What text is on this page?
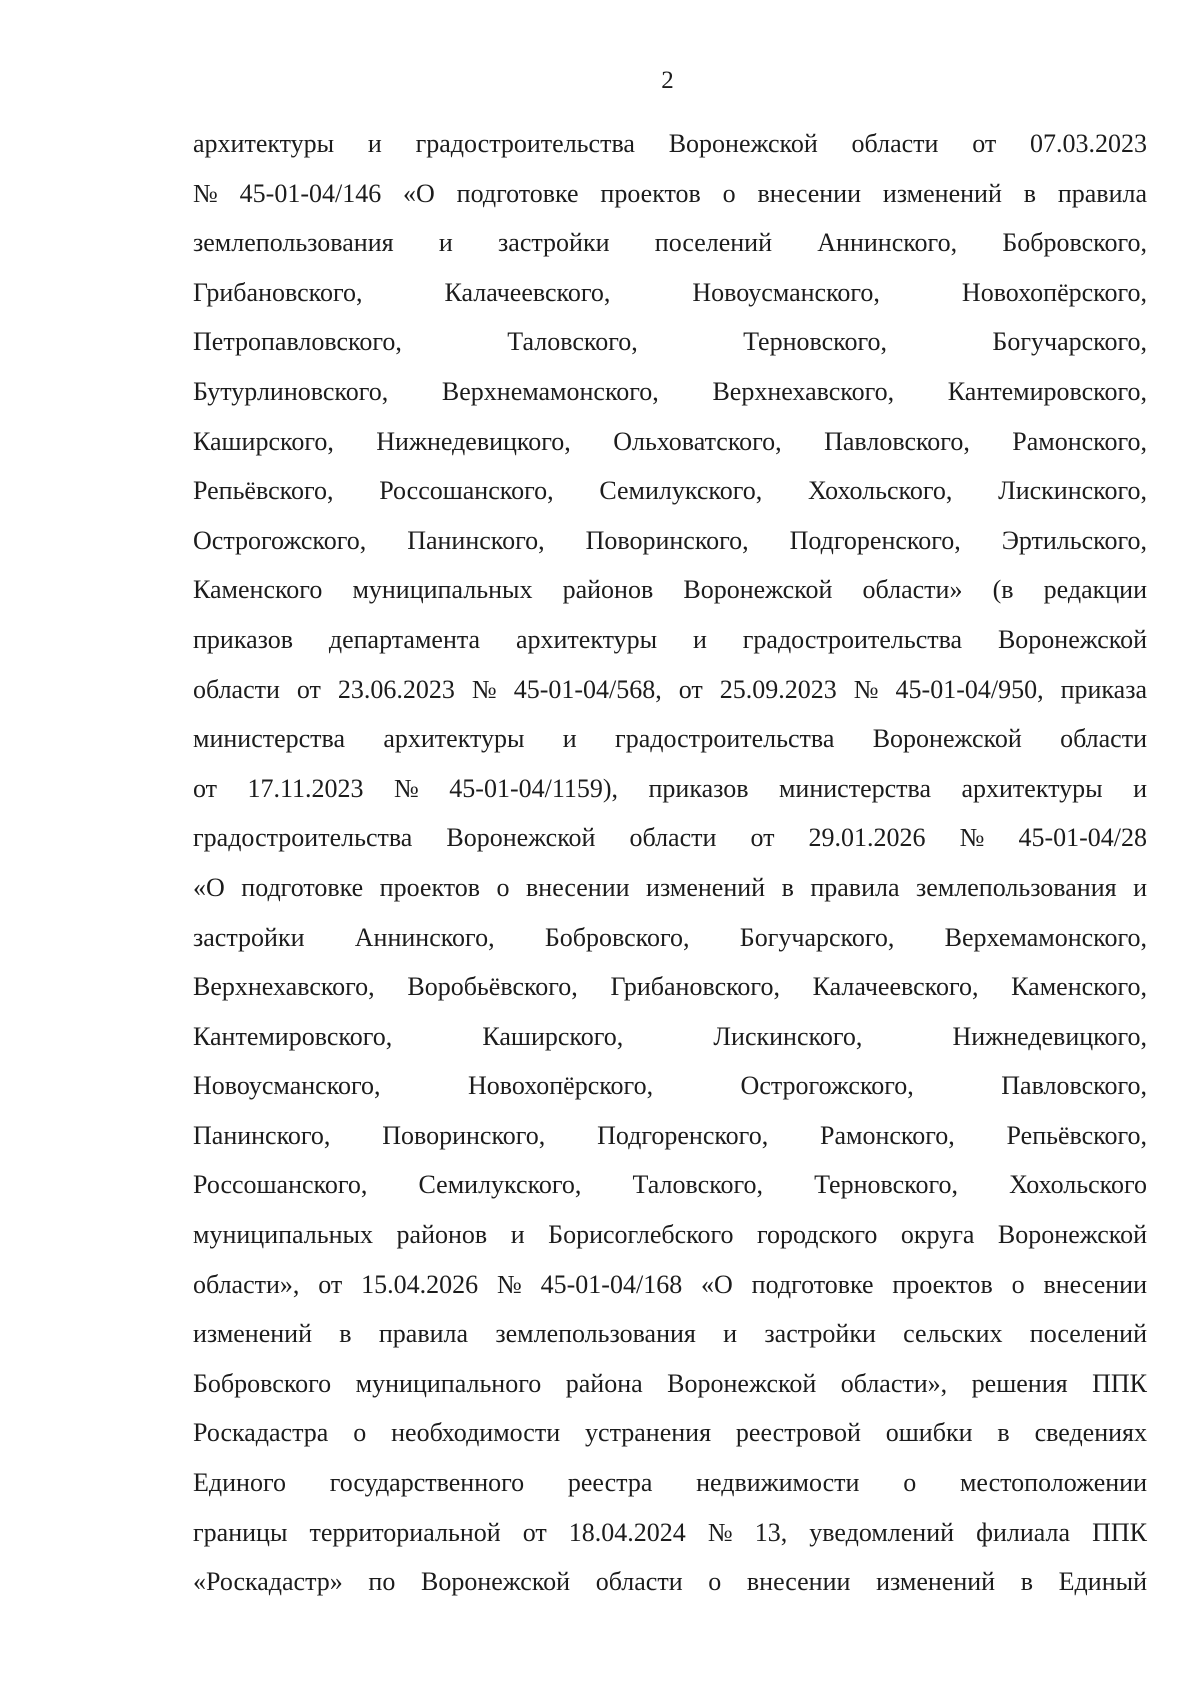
2
архитектуры и градостроительства Воронежской области от 07.03.2023
№ 45-01-04/146 «О подготовке проектов о внесении изменений в правила
землепользования и застройки поселений Аннинского, Бобровского,
Грибановского, Калачеевского, Новоусманского, Новохопёрского,
Петропавловского, Таловского, Терновского, Богучарского,
Бутурлиновского, Верхнемамонского, Верхнехавского, Кантемировского,
Каширского, Нижнедевицкого, Ольховатского, Павловского, Рамонского,
Репьёвского, Россошанского, Семилукского, Хохольского, Лискинского,
Острогожского, Панинского, Поворинского, Подгоренского, Эртильского,
Каменского муниципальных районов Воронежской области» (в редакции
приказов департамента архитектуры и градостроительства Воронежской
области от 23.06.2023 № 45-01-04/568, от 25.09.2023 № 45-01-04/950, приказа
министерства архитектуры и градостроительства Воронежской области
от 17.11.2023 № 45-01-04/1159), приказов министерства архитектуры и
градостроительства Воронежской области от 29.01.2026 № 45-01-04/28
«О подготовке проектов о внесении изменений в правила землепользования и
застройки Аннинского, Бобровского, Богучарского, Верхемамонского,
Верхнехавского, Воробьёвского, Грибановского, Калачеевского, Каменского,
Кантемировского, Каширского, Лискинского, Нижнедевицкого,
Новоусманского, Новохопёрского, Острогожского, Павловского,
Панинского, Поворинского, Подгоренского, Рамонского, Репьёвского,
Россошанского, Семилукского, Таловского, Терновского, Хохольского
муниципальных районов и Борисоглебского городского округа Воронежской
области», от 15.04.2026 № 45-01-04/168 «О подготовке проектов о внесении
изменений в правила землепользования и застройки сельских поселений
Бобровского муниципального района Воронежской области», решения ППК
Роскадастра о необходимости устранения реестровой ошибки в сведениях
Единого государственного реестра недвижимости о местоположении
границы территориальной от 18.04.2024 № 13, уведомлений филиала ППК
«Роскадастр» по Воронежской области о внесении изменений в Единый
